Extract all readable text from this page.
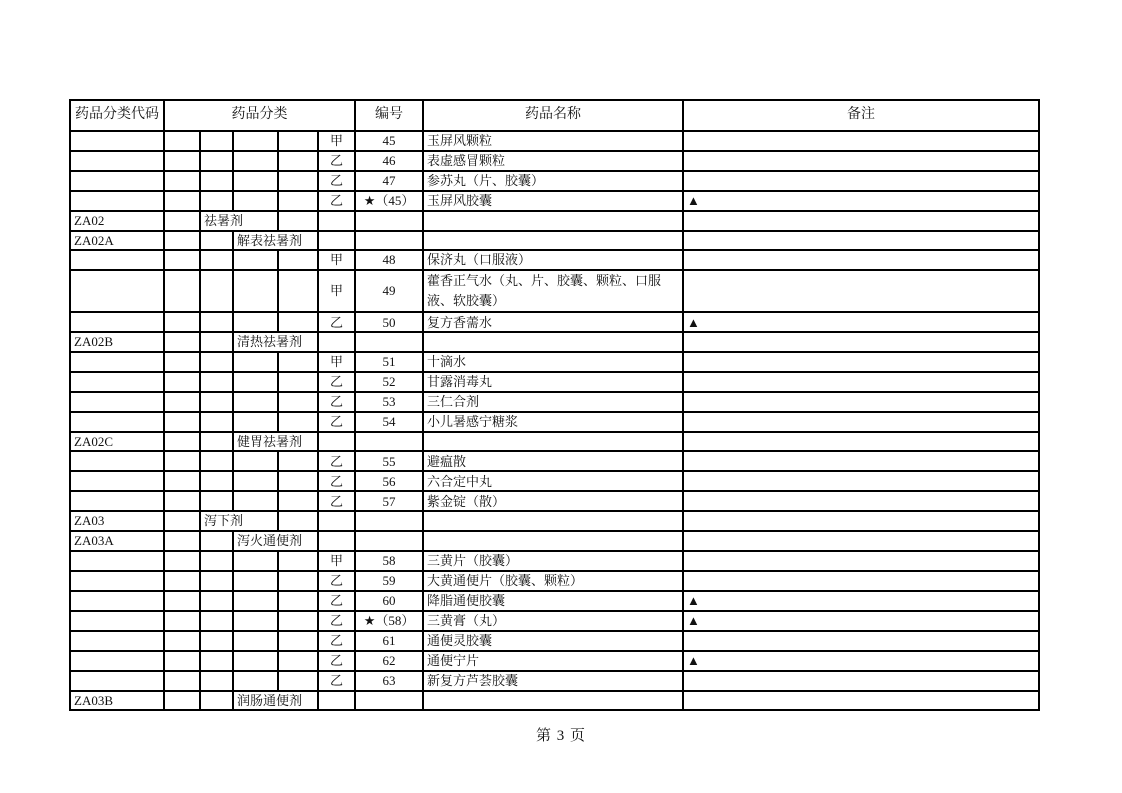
药品分类代码	药品分类					编号	药品名称	备注
					甲	45	玉屏风颗粒	
					乙	46	表虚感冒颗粒	
					乙	47	参苏丸（片、胶囊）	
					乙	★（45）	玉屏风胶囊	▲
ZA02		祛暑剂						
ZA02A			解表祛暑剂					
					甲	48	保济丸（口服液）	
					甲	49	藿香正气水（丸、片、胶囊、颗粒、口服液、软胶囊）	
					乙	50	复方香薷水	▲
ZA02B			清热祛暑剂					
					甲	51	十滴水	
					乙	52	甘露消毒丸	
					乙	53	三仁合剂	
					乙	54	小儿暑感宁糖浆	
ZA02C			健胃祛暑剂					
					乙	55	避瘟散	
					乙	56	六合定中丸	
					乙	57	紫金锭（散）	
ZA03		泻下剂						
ZA03A			泻火通便剂					
					甲	58	三黄片（胶囊）	
					乙	59	大黄通便片（胶囊、颗粒）	
					乙	60	降脂通便胶囊	▲
					乙	★（58）	三黄膏（丸）	▲
					乙	61	通便灵胶囊	
					乙	62	通便宁片	▲
					乙	63	新复方芦荟胶囊	
ZA03B			润肠通便剂					
第 3 页
